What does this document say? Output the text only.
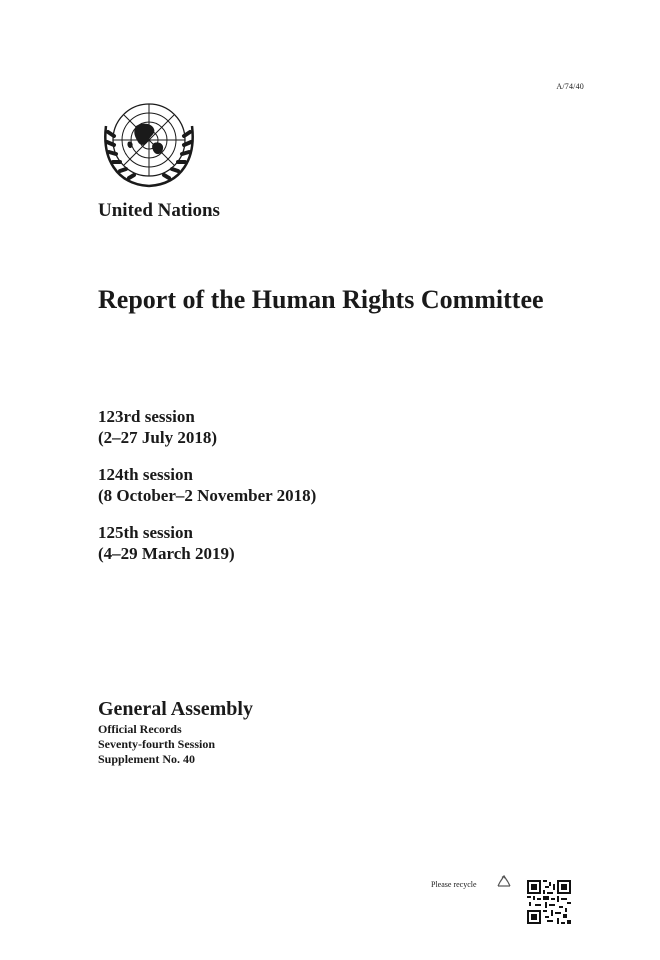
A/74/40
United Nations
Report of the Human Rights Committee
123rd session
(2–27 July 2018)
124th session
(8 October–2 November 2018)
125th session
(4–29 March 2019)
General Assembly
Official Records
Seventy-fourth Session
Supplement No. 40
Please recycle
